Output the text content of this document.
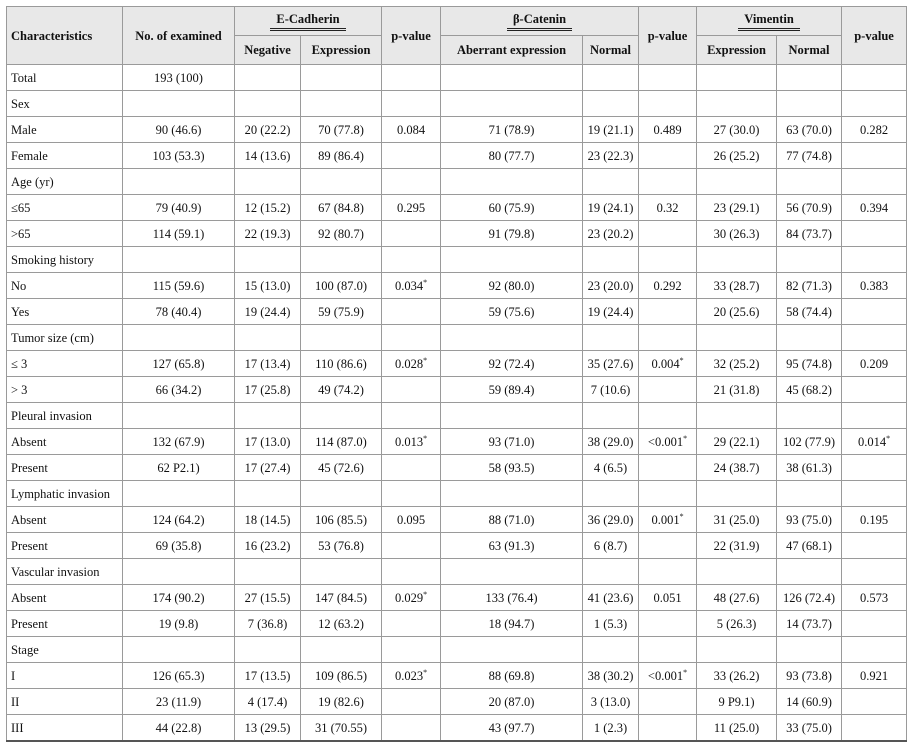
Characteristics	No. of examined	E-Cadherin		p-value	β-Catenin		p-value	Vimentin		p-value
		Negative	Expression		Aberrant expression	Normal		Expression	Normal	
Total	193 (100)									
Sex										
Male	90 (46.6)	20 (22.2)	70 (77.8)	0.084	71 (78.9)	19 (21.1)	0.489	27 (30.0)	63 (70.0)	0.282
Female	103 (53.3)	14 (13.6)	89 (86.4)		80 (77.7)	23 (22.3)		26 (25.2)	77 (74.8)	
Age (yr)										
≤65	79 (40.9)	12 (15.2)	67 (84.8)	0.295	60 (75.9)	19 (24.1)	0.32	23 (29.1)	56 (70.9)	0.394
>65	114 (59.1)	22 (19.3)	92 (80.7)		91 (79.8)	23 (20.2)		30 (26.3)	84 (73.7)	
Smoking history										
No	115 (59.6)	15 (13.0)	100 (87.0)	0.034*	92 (80.0)	23 (20.0)	0.292	33 (28.7)	82 (71.3)	0.383
Yes	78 (40.4)	19 (24.4)	59 (75.9)		59 (75.6)	19 (24.4)		20 (25.6)	58 (74.4)	
Tumor size (cm)										
≤ 3	127 (65.8)	17 (13.4)	110 (86.6)	0.028*	92 (72.4)	35 (27.6)	0.004*	32 (25.2)	95 (74.8)	0.209
> 3	66 (34.2)	17 (25.8)	49 (74.2)		59 (89.4)	7 (10.6)		21 (31.8)	45 (68.2)	
Pleural invasion										
Absent	132 (67.9)	17 (13.0)	114 (87.0)	0.013*	93 (71.0)	38 (29.0)	<0.001*	29 (22.1)	102 (77.9)	0.014*
Present	62 P2.1)	17 (27.4)	45 (72.6)		58 (93.5)	4 (6.5)		24 (38.7)	38 (61.3)	
Lymphatic invasion										
Absent	124 (64.2)	18 (14.5)	106 (85.5)	0.095	88 (71.0)	36 (29.0)	0.001*	31 (25.0)	93 (75.0)	0.195
Present	69 (35.8)	16 (23.2)	53 (76.8)		63 (91.3)	6 (8.7)		22 (31.9)	47 (68.1)	
Vascular invasion										
Absent	174 (90.2)	27 (15.5)	147 (84.5)	0.029*	133 (76.4)	41 (23.6)	0.051	48 (27.6)	126 (72.4)	0.573
Present	19 (9.8)	7 (36.8)	12 (63.2)		18 (94.7)	1 (5.3)		5 (26.3)	14 (73.7)	
Stage										
I	126 (65.3)	17 (13.5)	109 (86.5)	0.023*	88 (69.8)	38 (30.2)	<0.001*	33 (26.2)	93 (73.8)	0.921
II	23 (11.9)	4 (17.4)	19 (82.6)		20 (87.0)	3 (13.0)		9 P9.1)	14 (60.9)	
III	44 (22.8)	13 (29.5)	31 (70.55)		43 (97.7)	1 (2.3)		11 (25.0)	33 (75.0)	
